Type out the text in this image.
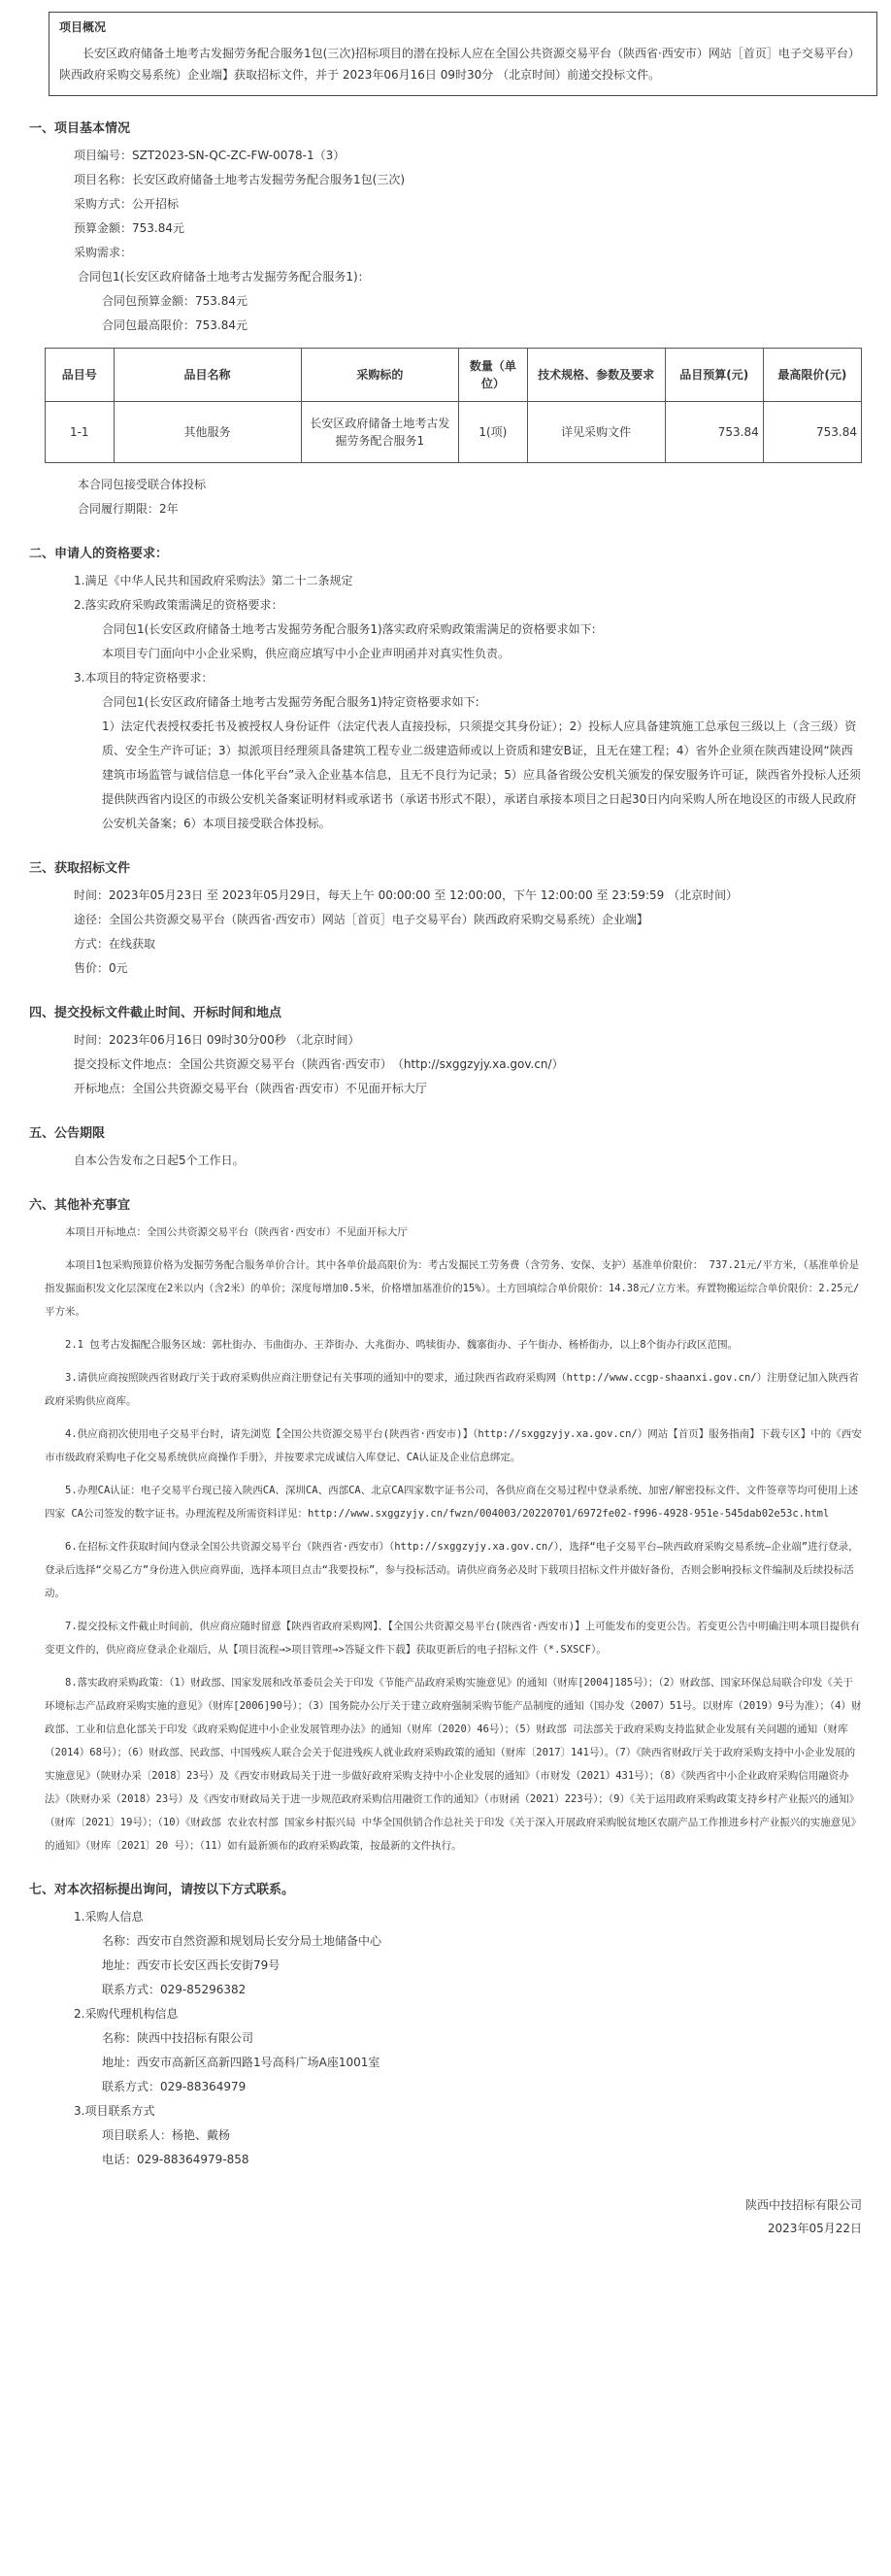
项目概况
长安区政府储备土地考古发掘劳务配合服务1包(三次)招标项目的潜在投标人应在全国公共资源交易平台（陕西省·西安市）网站［首页］电子交易平台）陕西政府采购交易系统）企业端】获取招标文件，并于 2023年06月16日 09时30分 （北京时间）前递交投标文件。
一、项目基本情况
项目编号：SZT2023-SN-QC-ZC-FW-0078-1（3）
项目名称：长安区政府储备土地考古发掘劳务配合服务1包(三次)
采购方式：公开招标
预算金额：753.84元
采购需求：
合同包1(长安区政府储备土地考古发掘劳务配合服务1)：
合同包预算金额：753.84元
合同包最高限价：753.84元
品目号	品目名称	采购标的	数量（单位）	技术规格、参数及要求	品目预算(元)	最高限价(元)
1-1	其他服务	长安区政府储备土地考古发掘劳务配合服务1	1(项)	详见采购文件	753.84	753.84
本合同包接受联合体投标
合同履行期限：2年
二、申请人的资格要求：
1.满足《中华人民共和国政府采购法》第二十二条规定
2.落实政府采购政策需满足的资格要求：
合同包1(长安区政府储备土地考古发掘劳务配合服务1)落实政府采购政策需满足的资格要求如下:
本项目专门面向中小企业采购，供应商应填写中小企业声明函并对真实性负责。
3.本项目的特定资格要求：
合同包1(长安区政府储备土地考古发掘劳务配合服务1)特定资格要求如下:
1）法定代表授权委托书及被授权人身份证件（法定代表人直接投标，只须提交其身份证）；2）投标人应具备建筑施工总承包三级以上（含三级）资质、安全生产许可证；3）拟派项目经理须具备建筑工程专业二级建造师或以上资质和建安B证，且无在建工程；4）省外企业须在陕西建设网“陕西建筑市场监管与诚信信息一体化平台”录入企业基本信息，且无不良行为记录；5）应具备省级公安机关颁发的保安服务许可证，陕西省外投标人还须提供陕西省内设区的市级公安机关备案证明材料或承诺书（承诺书形式不限），承诺自承接本项目之日起30日内向采购人所在地设区的市级人民政府公安机关备案；6）本项目接受联合体投标。
三、获取招标文件
时间：2023年05月23日 至 2023年05月29日，每天上午 00:00:00 至 12:00:00，下午 12:00:00 至 23:59:59 （北京时间）
途径：全国公共资源交易平台（陕西省·西安市）网站［首页］电子交易平台）陕西政府采购交易系统）企业端】
方式：在线获取
售价：0元
四、提交投标文件截止时间、开标时间和地点
时间：2023年06月16日 09时30分00秒 （北京时间）
提交投标文件地点：全国公共资源交易平台（陕西省·西安市）　（http://sxggzyjy.xa.gov.cn/）
开标地点：全国公共资源交易平台（陕西省·西安市）不见面开标大厅
五、公告期限
自本公告发布之日起5个工作日。
六、其他补充事宜

本项目开标地点：全国公共资源交易平台（陕西省·西安市）不见面开标大厅

本项目1包采购预算价格为发掘劳务配合服务单价合计。其中各单价最高限价为：考古发掘民工劳务费（含劳务、安保、支护）基准单价限价： 737.21元/平方米，（基准单价是指发掘面积发文化层深度在2米以内（含2米）的单价；深度每增加0.5米，价格增加基准价的15%）。土方回填综合单价限价：14.38元/立方米。弃置物搬运综合单价限价：2.25元/平方米。

2.1 包考古发掘配合服务区域：郭杜街办、韦曲街办、王莽街办、大兆街办、鸣犊街办、魏寨街办、子午街办、杨桥街办，以上8个街办行政区范围。

3.请供应商按照陕西省财政厅关于政府采购供应商注册登记有关事项的通知中的要求，通过陕西省政府采购网（http://www.ccgp-shaanxi.gov.cn/）注册登记加入陕西省政府采购供应商库。

4.供应商初次使用电子交易平台时，请先浏览【全国公共资源交易平台(陕西省·西安市)】（http://sxggzyjy.xa.gov.cn/）网站【首页】服务指南】下载专区】中的《西安市市级政府采购电子化交易系统供应商操作手册》，并按要求完成诚信入库登记、CA认证及企业信息绑定。

5.办理CA认证：电子交易平台现已接入陕西CA、深圳CA、西部CA、北京CA四家数字证书公司，各供应商在交易过程中登录系统、加密/解密投标文件、文件签章等均可使用上述四家 CA公司签发的数字证书。办理流程及所需资料详见：http://www.sxggzyjy.cn/fwzn/004003/20220701/6972fe02-f996-4928-951e-545dab02e53c.html

6.在招标文件获取时间内登录全国公共资源交易平台（陕西省·西安市）（http://sxggzyjy.xa.gov.cn/），选择“电子交易平台—陕西政府采购交易系统—企业端”进行登录，登录后选择“交易乙方”身份进入供应商界面，选择本项目点击“我要投标”，参与投标活动。请供应商务必及时下载项目招标文件并做好备份，否则会影响投标文件编制及后续投标活动。

7.提交投标文件截止时间前，供应商应随时留意【陕西省政府采购网】、【全国公共资源交易平台(陕西省·西安市)】上可能发布的变更公告。若变更公告中明确注明本项目提供有变更文件的，供应商应登录企业端后，从【项目流程→>项目管理→>答疑文件下载】获取更新后的电子招标文件（*.SXSCF）。

8.落实政府采购政策：（1）财政部、国家发展和改革委员会关于印发《节能产品政府采购实施意见》的通知（财库[2004]185号）；（2）财政部、国家环保总局联合印发《关于环境标志产品政府采购实施的意见》（财库[2006]90号）；（3）国务院办公厅关于建立政府强制采购节能产品制度的通知（国办发（2007）51号。以财库（2019）9号为准）；（4）财政部、工业和信息化部关于印发《政府采购促进中小企业发展管理办法》的通知（财库（2020）46号）；（5）财政部 司法部关于政府采购支持监狱企业发展有关问题的通知（财库（2014）68号）；（6）财政部、民政部、中国残疾人联合会关于促进残疾人就业政府采购政策的通知（财库〔2017〕141号）。（7）《陕西省财政厅关于政府采购支持中小企业发展的实施意见》（陕财办采〔2018〕23号）及《西安市财政局关于进一步做好政府采购支持中小企业发展的通知》（市财发（2021）431号）；（8）《陕西省中小企业政府采购信用融资办法》（陕财办采（2018）23号）及《西安市财政局关于进一步规范政府采购信用融资工作的通知》（市财函（2021）223号）；（9）《关于运用政府采购政策支持乡村产业振兴的通知》（财库〔2021〕19号）；（10）《财政部 农业农村部 国家乡村振兴局 中华全国供销合作总社关于印发《关于深入开展政府采购脱贫地区农副产品工作推进乡村产业振兴的实施意见》的通知》（财库〔2021〕20 号）；（11）如有最新颁布的政府采购政策，按最新的文件执行。

七、对本次招标提出询问，请按以下方式联系。
1.采购人信息
名称：西安市自然资源和规划局长安分局土地储备中心
地址：西安市长安区西长安街79号
联系方式：029-85296382
2.采购代理机构信息
名称：陕西中技招标有限公司
地址：西安市高新区高新四路1号高科广场A座1001室
联系方式：029-88364979
3.项目联系方式
项目联系人：杨艳、戴杨
电话：029-88364979-858
陕西中技招标有限公司
2023年05月22日
